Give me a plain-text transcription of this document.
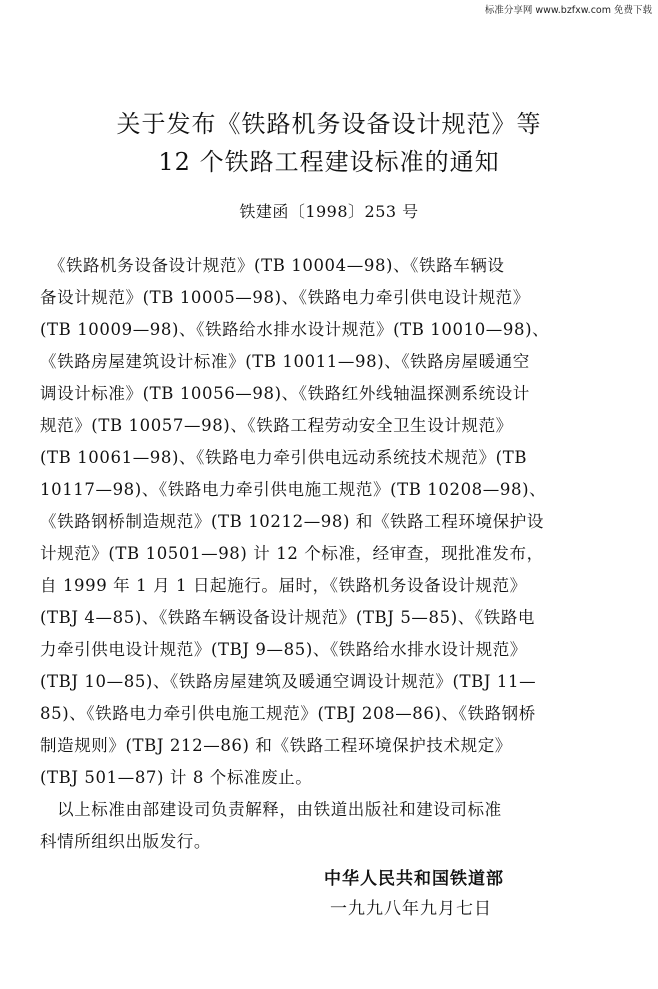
标准分享网 www.bzfxw.com 免费下载
关于发布《铁路机务设备设计规范》等
12 个铁路工程建设标准的通知
铁建函〔1998〕253 号
　《铁路机务设备设计规范》(TB 10004—98)、《铁路车辆设
备设计规范》(TB 10005—98)、《铁路电力牵引供电设计规范》
(TB 10009—98)、《铁路给水排水设计规范》(TB 10010—98)、
《铁路房屋建筑设计标准》(TB 10011—98)、《铁路房屋暖通空
调设计标准》(TB 10056—98)、《铁路红外线轴温探测系统设计
规范》(TB 10057—98)、《铁路工程劳动安全卫生设计规范》
(TB 10061—98)、《铁路电力牵引供电远动系统技术规范》(TB
10117—98)、《铁路电力牵引供电施工规范》(TB 10208—98)、
《铁路钢桥制造规范》(TB 10212—98) 和《铁路工程环境保护设
计规范》(TB 10501—98) 计 12 个标准，经审查，现批准发布，
自 1999 年 1 月 1 日起施行。届时，《铁路机务设备设计规范》
(TBJ 4—85)、《铁路车辆设备设计规范》(TBJ 5—85)、《铁路电
力牵引供电设计规范》(TBJ 9—85)、《铁路给水排水设计规范》
(TBJ 10—85)、《铁路房屋建筑及暖通空调设计规范》(TBJ 11—
85)、《铁路电力牵引供电施工规范》(TBJ 208—86)、《铁路钢桥
制造规则》(TBJ 212—86) 和《铁路工程环境保护技术规定》
(TBJ 501—87) 计 8 个标准废止。
　以上标准由部建设司负责解释，由铁道出版社和建设司标准
科情所组织出版发行。
中华人民共和国铁道部
一九九八年九月七日
